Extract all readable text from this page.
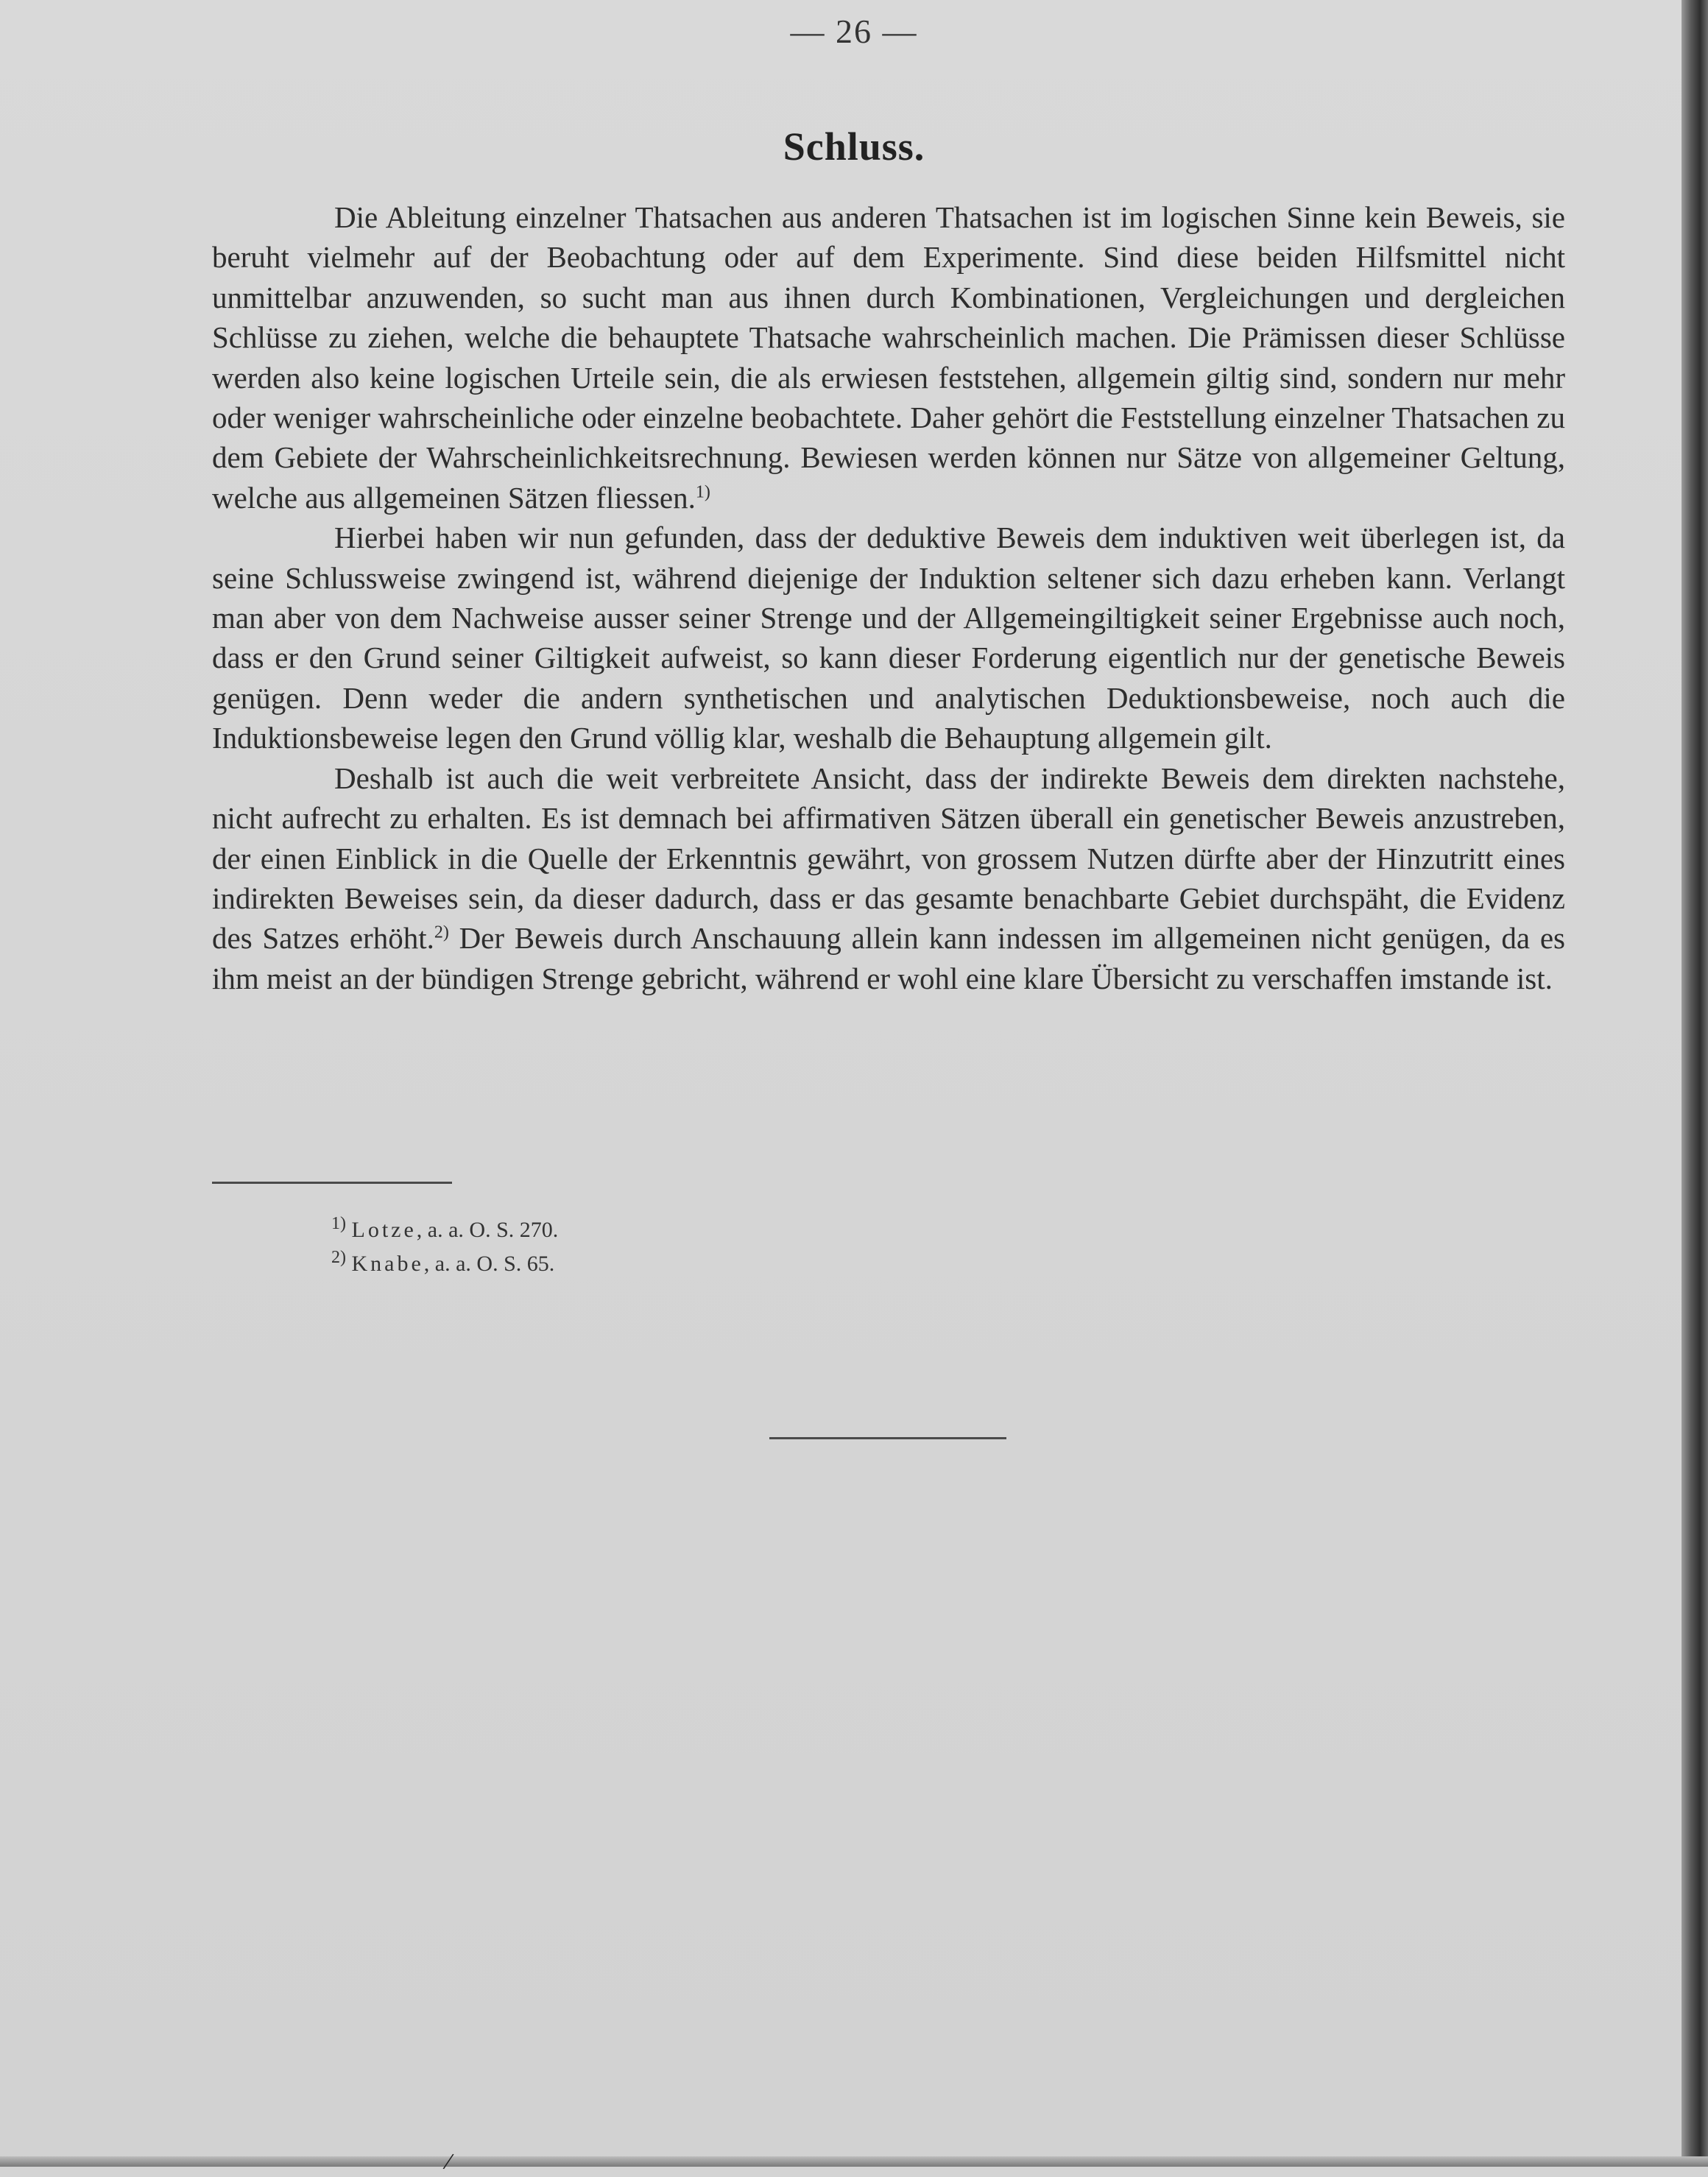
— 26 —
Schluss.

Die Ableitung einzelner Thatsachen aus anderen Thatsachen ist im logischen Sinne kein Beweis, sie beruht vielmehr auf der Beobachtung oder auf dem Experimente. Sind diese beiden Hilfsmittel nicht unmittelbar anzuwenden, so sucht man aus ihnen durch Kombinationen, Vergleichungen und dergleichen Schlüsse zu ziehen, welche die behauptete Thatsache wahrscheinlich machen. Die Prämissen dieser Schlüsse werden also keine logischen Urteile sein, die als erwiesen feststehen, allgemein giltig sind, sondern nur mehr oder weniger wahrscheinliche oder einzelne beobachtete. Daher gehört die Feststellung einzelner Thatsachen zu dem Gebiete der Wahrscheinlichkeitsrechnung. Bewiesen werden können nur Sätze von allgemeiner Geltung, welche aus allgemeinen Sätzen fliessen.$^{1)}$

Hierbei haben wir nun gefunden, dass der deduktive Beweis dem induktiven weit überlegen ist, da seine Schlussweise zwingend ist, während diejenige der Induktion seltener sich dazu erheben kann. Verlangt man aber von dem Nachweise ausser seiner Strenge und der Allgemeingiltigkeit seiner Ergebnisse auch noch, dass er den Grund seiner Giltigkeit aufweist, so kann dieser Forderung eigentlich nur der genetische Beweis genügen. Denn weder die andern synthetischen und analytischen Deduktionsbeweise, noch auch die Induktionsbeweise legen den Grund völlig klar, weshalb die Behauptung allgemein gilt.

Deshalb ist auch die weit verbreitete Ansicht, dass der indirekte Beweis dem direkten nachstehe, nicht aufrecht zu erhalten. Es ist demnach bei affirmativen Sätzen überall ein genetischer Beweis anzustreben, der einen Einblick in die Quelle der Erkenntnis gewährt, von grossem Nutzen dürfte aber der Hinzutritt eines indirekten Beweises sein, da dieser dadurch, dass er das gesamte benachbarte Gebiet durchspäht, die Evidenz des Satzes erhöht.$^{2)}$ Der Beweis durch Anschauung allein kann indessen im allgemeinen nicht genügen, da es ihm meist an der bündigen Strenge gebricht, während er wohl eine klare Übersicht zu verschaffen imstande ist.

$^{1)}$ Lotze, a. a. O. S. 270.
$^{2)}$ Knabe, a. a. O. S. 65.
/
